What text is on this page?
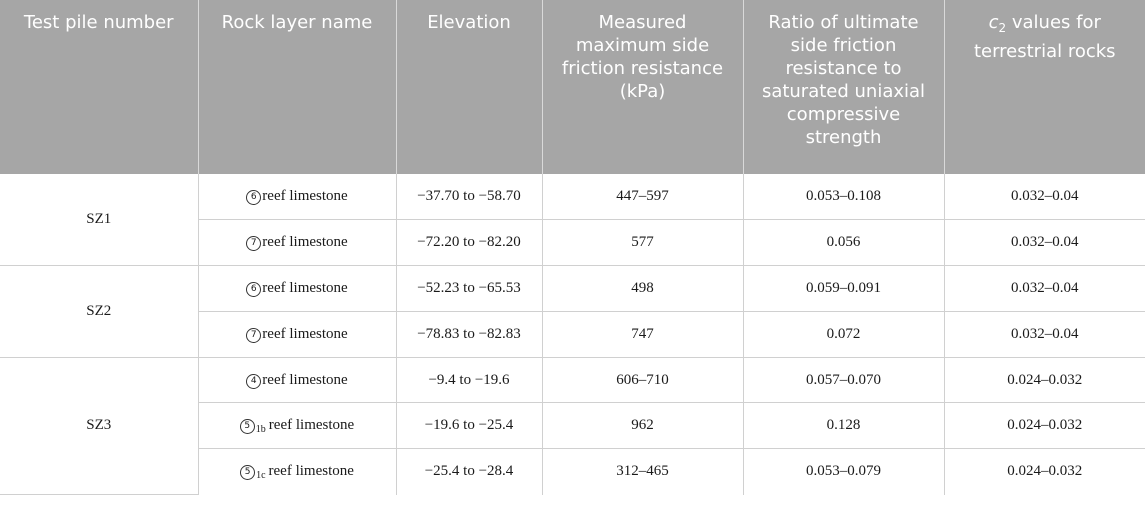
Test pile number	Rock layer name	Elevation	Measured maximum side friction resistance (kPa)	Ratio of ultimate side friction resistance to saturated uniaxial compressive strength	$c_2$ values for terrestrial rocks
SZ1	6 reef limestone	−37.70 to −58.70	447–597	0.053–0.108	0.032–0.04
	7 reef limestone	−72.20 to −82.20	577	0.056	0.032–0.04
SZ2	6 reef limestone	−52.23 to −65.53	498	0.059–0.091	0.032–0.04
	7 reef limestone	−78.83 to −82.83	747	0.072	0.032–0.04
SZ3	4 reef limestone	−9.4 to −19.6	606–710	0.057–0.070	0.024–0.032
	5 $_{1b}$ reef limestone	−19.6 to −25.4	962	0.128	0.024–0.032
	5 $_{1c}$ reef limestone	−25.4 to −28.4	312–465	0.053–0.079	0.024–0.032
